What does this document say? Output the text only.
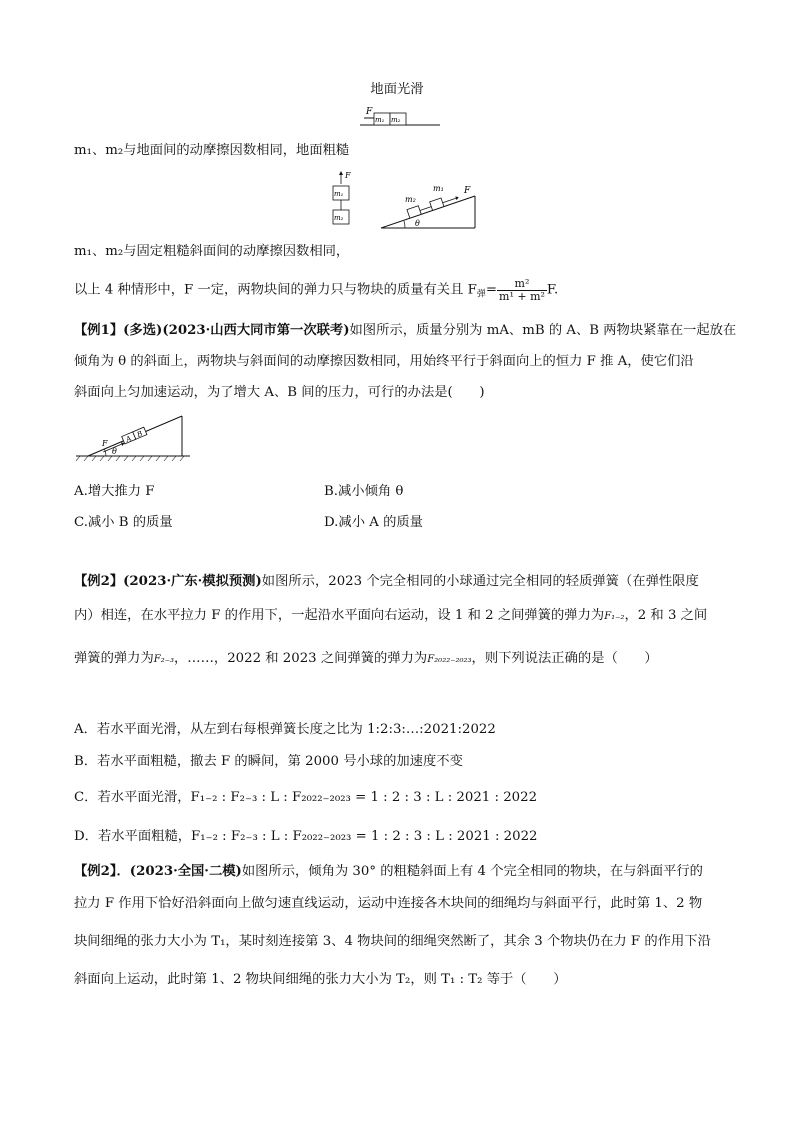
地面光滑
F
m₁ m₂
m₁、m₂与地面间的动摩擦因数相同，地面粗糙
F
m₁
m₂
θ
m₂
m₁ F
m₁、m₂与固定粗糙斜面间的动摩擦因数相同，
以上 4 种情形中，F 一定，两物块间的弹力只与物块的质量有关且 $F_弹= \frac{\text{m²}}{\text{m¹ + m²}} F$.
【例1】(多选)(2023·山西大同市第一次联考)如图所示，质量分别为 mA、mB 的 A、B 两物块紧靠在一起放在
倾角为 θ 的斜面上，两物块与斜面间的动摩擦因数相同，用始终平行于斜面向上的恒力 F 推 A，使它们沿
斜面向上匀加速运动，为了增大 A、B 间的压力，可行的办法是(　　)
θ
A
B
F
A.增大推力 F	B.减小倾角 θ
C.减小 B 的质量	D.减小 A 的质量
【例2】(2023·广东·模拟预测)如图所示，2023 个完全相同的小球通过完全相同的轻质弹簧（在弹性限度
内）相连，在水平拉力 F 的作用下，一起沿水平面向右运动，设 1 和 2 之间弹簧的弹力为F₁₋₂，2 和 3 之间
弹簧的弹力为F₂₋₃，……，2022 和 2023 之间弹簧的弹力为F₂₀₂₂₋₂₀₂₃，则下列说法正确的是（　　）
A．若水平面光滑，从左到右每根弹簧长度之比为 1:2:3:…:2021:2022
B．若水平面粗糙，撤去 F 的瞬间，第 2000 号小球的加速度不变
C．若水平面光滑，F₁₋₂ : F₂₋₃ : L : F₂₀₂₂₋₂₀₂₃ = 1 : 2 : 3 : L : 2021 : 2022
D．若水平面粗糙，F₁₋₂ : F₂₋₃ : L : F₂₀₂₂₋₂₀₂₃ = 1 : 2 : 3 : L : 2021 : 2022
【例2】．(2023·全国·二模)如图所示，倾角为 30° 的粗糙斜面上有 4 个完全相同的物块，在与斜面平行的
拉力 F 作用下恰好沿斜面向上做匀速直线运动，运动中连接各木块间的细绳均与斜面平行，此时第 1、2 物
块间细绳的张力大小为 T₁，某时刻连接第 3、4 物块间的细绳突然断了，其余 3 个物块仍在力 F 的作用下沿
斜面向上运动，此时第 1、2 物块间细绳的张力大小为 T₂，则 T₁ : T₂ 等于（　　）
